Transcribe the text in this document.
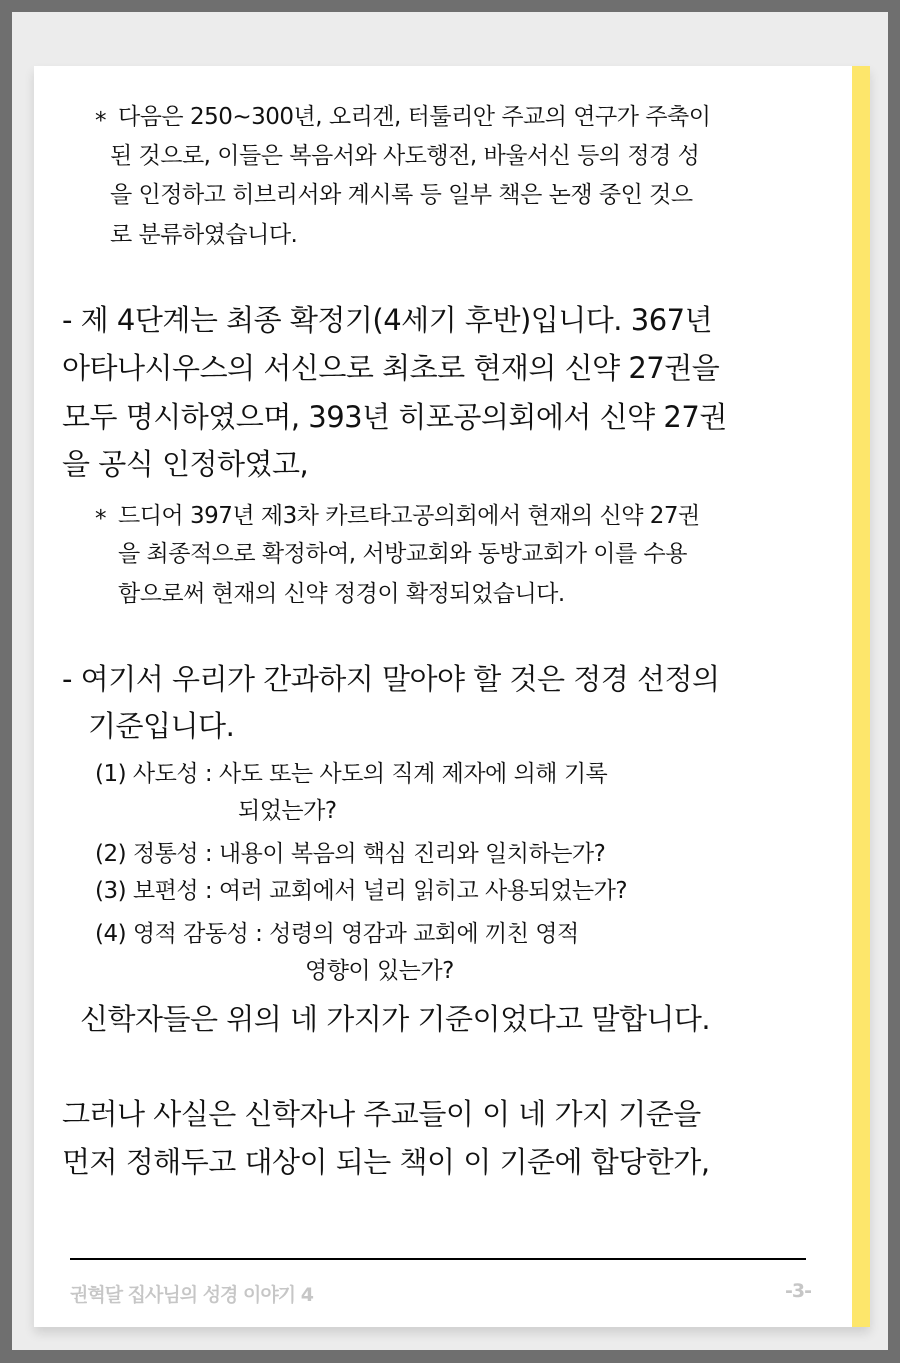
* 다음은 250~300년, 오리겐, 터툴리안 주교의 연구가 주축이
된 것으로, 이들은 복음서와 사도행전, 바울서신 등의 정경 성
을 인정하고 히브리서와 계시록 등 일부 책은 논쟁 중인 것으
로 분류하였습니다.
- 제 4단계는 최종 확정기(4세기 후반)입니다. 367년
아타나시우스의 서신으로 최초로 현재의 신약 27권을
모두 명시하였으며, 393년 히포공의회에서 신약 27권
을 공식 인정하였고,
* 드디어 397년 제3차 카르타고공의회에서 현재의 신약 27권
을 최종적으로 확정하여, 서방교회와 동방교회가 이를 수용
함으로써 현재의 신약 정경이 확정되었습니다.
- 여기서 우리가 간과하지 말아야 할 것은 정경 선정의
기준입니다.
(1) 사도성 : 사도 또는 사도의 직계 제자에 의해 기록
되었는가?
(2) 정통성 : 내용이 복음의 핵심 진리와 일치하는가?
(3) 보편성 : 여러 교회에서 널리 읽히고 사용되었는가?
(4) 영적 감동성 : 성령의 영감과 교회에 끼친 영적
영향이 있는가?
신학자들은 위의 네 가지가 기준이었다고 말합니다.
그러나 사실은 신학자나 주교들이 이 네 가지 기준을
먼저 정해두고 대상이 되는 책이 이 기준에 합당한가,
권혁달 집사님의 성경 이야기 4	-3-
